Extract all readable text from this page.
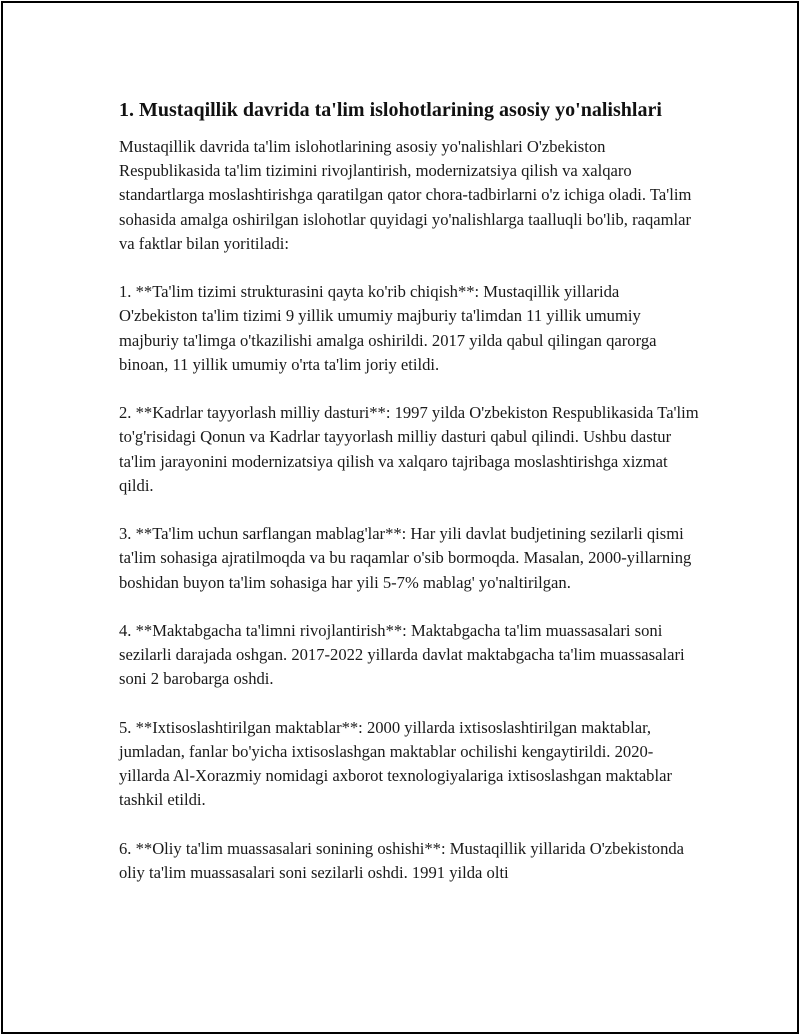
1. Mustaqillik davrida ta'lim islohotlarining asosiy yo'nalishlari

Mustaqillik davrida ta'lim islohotlarining asosiy yo'nalishlari O'zbekiston Respublikasida ta'lim tizimini rivojlantirish, modernizatsiya qilish va xalqaro standartlarga moslashtirishga qaratilgan qator chora-tadbirlarni o'z ichiga oladi. Ta'lim sohasida amalga oshirilgan islohotlar quyidagi yo'nalishlarga taalluqli bo'lib, raqamlar va faktlar bilan yoritiladi:

1. **Ta'lim tizimi strukturasini qayta ko'rib chiqish**: Mustaqillik yillarida O'zbekiston ta'lim tizimi 9 yillik umumiy majburiy ta'limdan 11 yillik umumiy majburiy ta'limga o'tkazilishi amalga oshirildi. 2017 yilda qabul qilingan qarorga binoan, 11 yillik umumiy o'rta ta'lim joriy etildi.

2. **Kadrlar tayyorlash milliy dasturi**: 1997 yilda O'zbekiston Respublikasida Ta'lim to'g'risidagi Qonun va Kadrlar tayyorlash milliy dasturi qabul qilindi. Ushbu dastur ta'lim jarayonini modernizatsiya qilish va xalqaro tajribaga moslashtirishga xizmat qildi.

3. **Ta'lim uchun sarflangan mablag'lar**: Har yili davlat budjetining sezilarli qismi ta'lim sohasiga ajratilmoqda va bu raqamlar o'sib bormoqda. Masalan, 2000-yillarning boshidan buyon ta'lim sohasiga har yili 5-7% mablag' yo'naltirilgan.

4. **Maktabgacha ta'limni rivojlantirish**: Maktabgacha ta'lim muassasalari soni sezilarli darajada oshgan. 2017-2022 yillarda davlat maktabgacha ta'lim muassasalari soni 2 barobarga oshdi.

5. **Ixtisoslashtirilgan maktablar**: 2000 yillarda ixtisoslashtirilgan maktablar, jumladan, fanlar bo'yicha ixtisoslashgan maktablar ochilishi kengaytirildi. 2020-yillarda Al-Xorazmiy nomidagi axborot texnologiyalariga ixtisoslashgan maktablar tashkil etildi.

6. **Oliy ta'lim muassasalari sonining oshishi**: Mustaqillik yillarida O'zbekistonda oliy ta'lim muassasalari soni sezilarli oshdi. 1991 yilda olti
